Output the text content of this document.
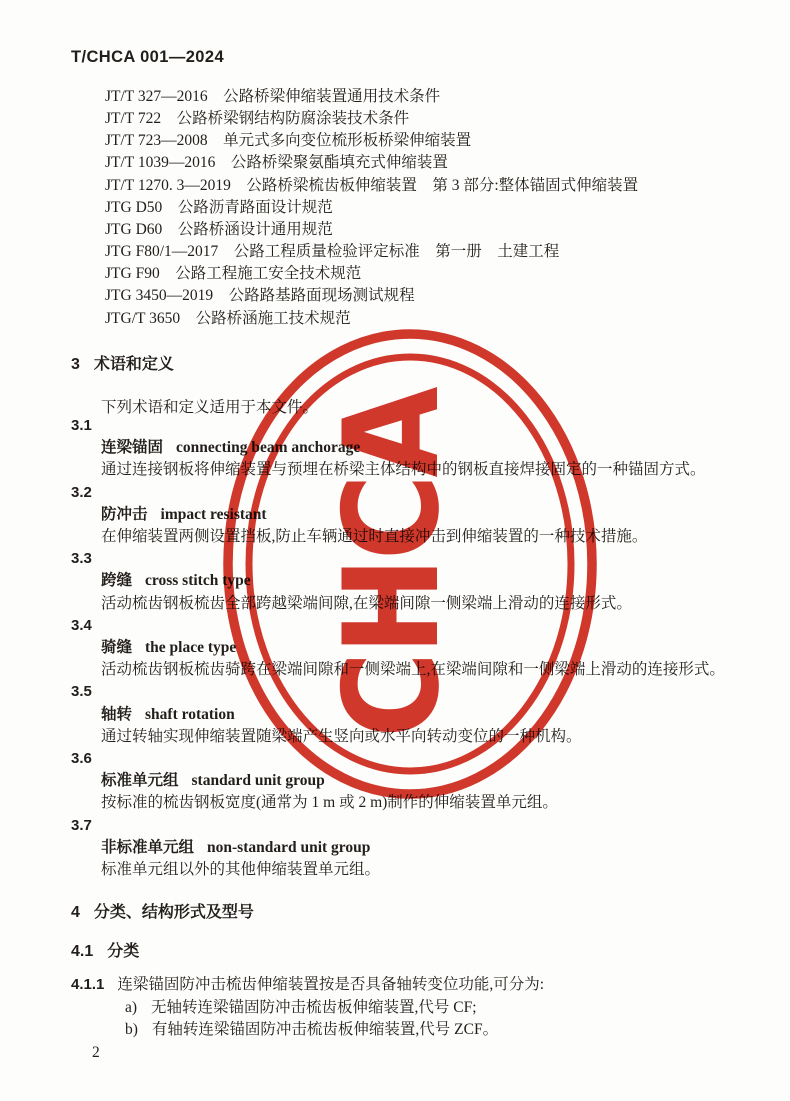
T/CHCA 001—2024

JT/T 327—2016　公路桥梁伸缩装置通用技术条件

JT/T 722　公路桥梁钢结构防腐涂装技术条件

JT/T 723—2008　单元式多向变位梳形板桥梁伸缩装置

JT/T 1039—2016　公路桥梁聚氨酯填充式伸缩装置

JT/T 1270. 3—2019　公路桥梁梳齿板伸缩装置　第 3 部分:整体锚固式伸缩装置

JTG D50　公路沥青路面设计规范

JTG D60　公路桥涵设计通用规范

JTG F80/1—2017　公路工程质量检验评定标准　第一册　土建工程

JTG F90　公路工程施工安全技术规范

JTG 3450—2019　公路路基路面现场测试规程

JTG/T 3650　公路桥涵施工技术规范

3 术语和定义

下列术语和定义适用于本文件。

3.1

连梁锚固 connecting beam anchorage

通过连接钢板将伸缩装置与预埋在桥梁主体结构中的钢板直接焊接固定的一种锚固方式。

3.2

防冲击 impact resistant

在伸缩装置两侧设置挡板,防止车辆通过时直接冲击到伸缩装置的一种技术措施。

3.3

跨缝 cross stitch type

活动梳齿钢板梳齿全部跨越梁端间隙,在梁端间隙一侧梁端上滑动的连接形式。

3.4

骑缝 the place type

活动梳齿钢板梳齿骑跨在梁端间隙和一侧梁端上,在梁端间隙和一侧梁端上滑动的连接形式。

3.5

轴转 shaft rotation

通过转轴实现伸缩装置随梁端产生竖向或水平向转动变位的一种机构。

3.6

标准单元组 standard unit group

按标准的梳齿钢板宽度(通常为 1 m 或 2 m)制作的伸缩装置单元组。

3.7

非标准单元组 non-standard unit group

标准单元组以外的其他伸缩装置单元组。

4 分类、结构形式及型号
4.1 分类

4.1.1 连梁锚固防冲击梳齿伸缩装置按是否具备轴转变位功能,可分为:

a) 无轴转连梁锚固防冲击梳齿板伸缩装置,代号 CF;

b) 有轴转连梁锚固防冲击梳齿板伸缩装置,代号 ZCF。

2
CHCA
